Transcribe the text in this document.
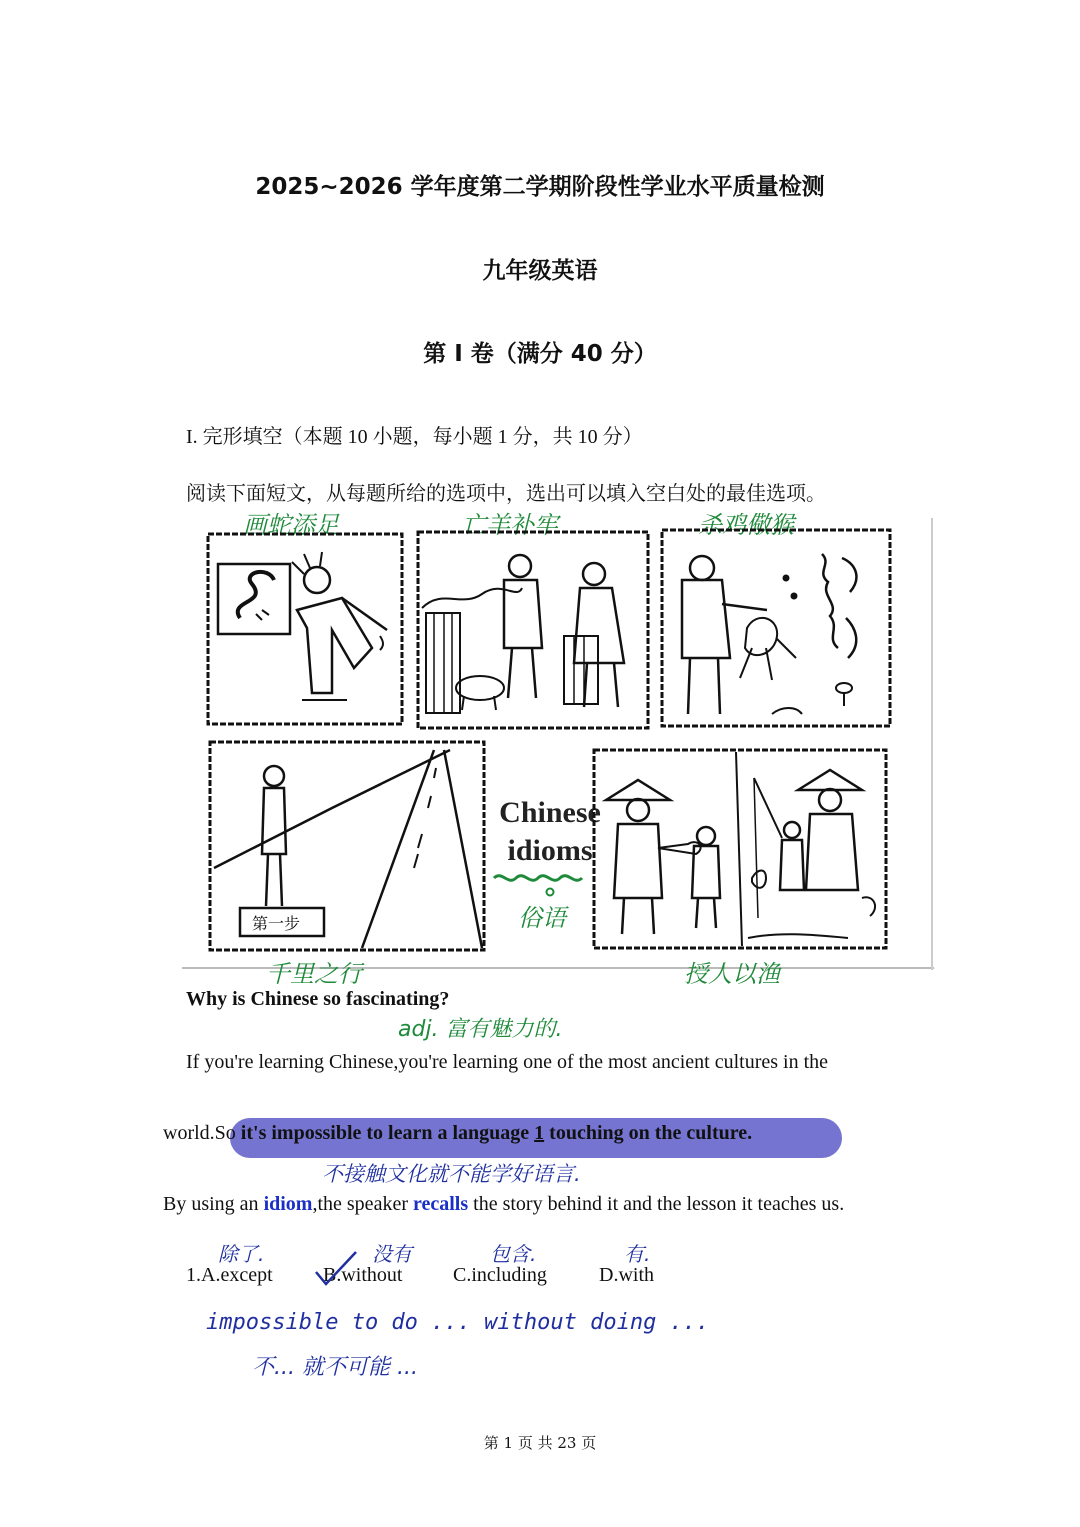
2025~2026 学年度第二学期阶段性学业水平质量检测
九年级英语
第 I 卷（满分 40 分）
I. 完形填空（本题 10 小题，每小题 1 分，共 10 分）
阅读下面短文，从每题所给的选项中，选出可以填入空白处的最佳选项。
画蛇添足	亡羊补牢	杀鸡儆猴
第一步
Chinese
idioms
俗语
千里之行	授人以渔
Why is Chinese so fascinating?
adj. 富有魅力的.
If you're learning Chinese,you're learning one of the most ancient cultures in the
world.So it's impossible to learn a language 1 touching on the culture.
不接触文化就不能学好语言.
By using an idiom,the speaker recalls the story behind it and the lesson it teaches us.
除了.	没有	包含.	有.
1.A.except	B.without	C.including	D.with
impossible to do ... without doing ...
不... 就不可能 ...
第 1 页 共 23 页
